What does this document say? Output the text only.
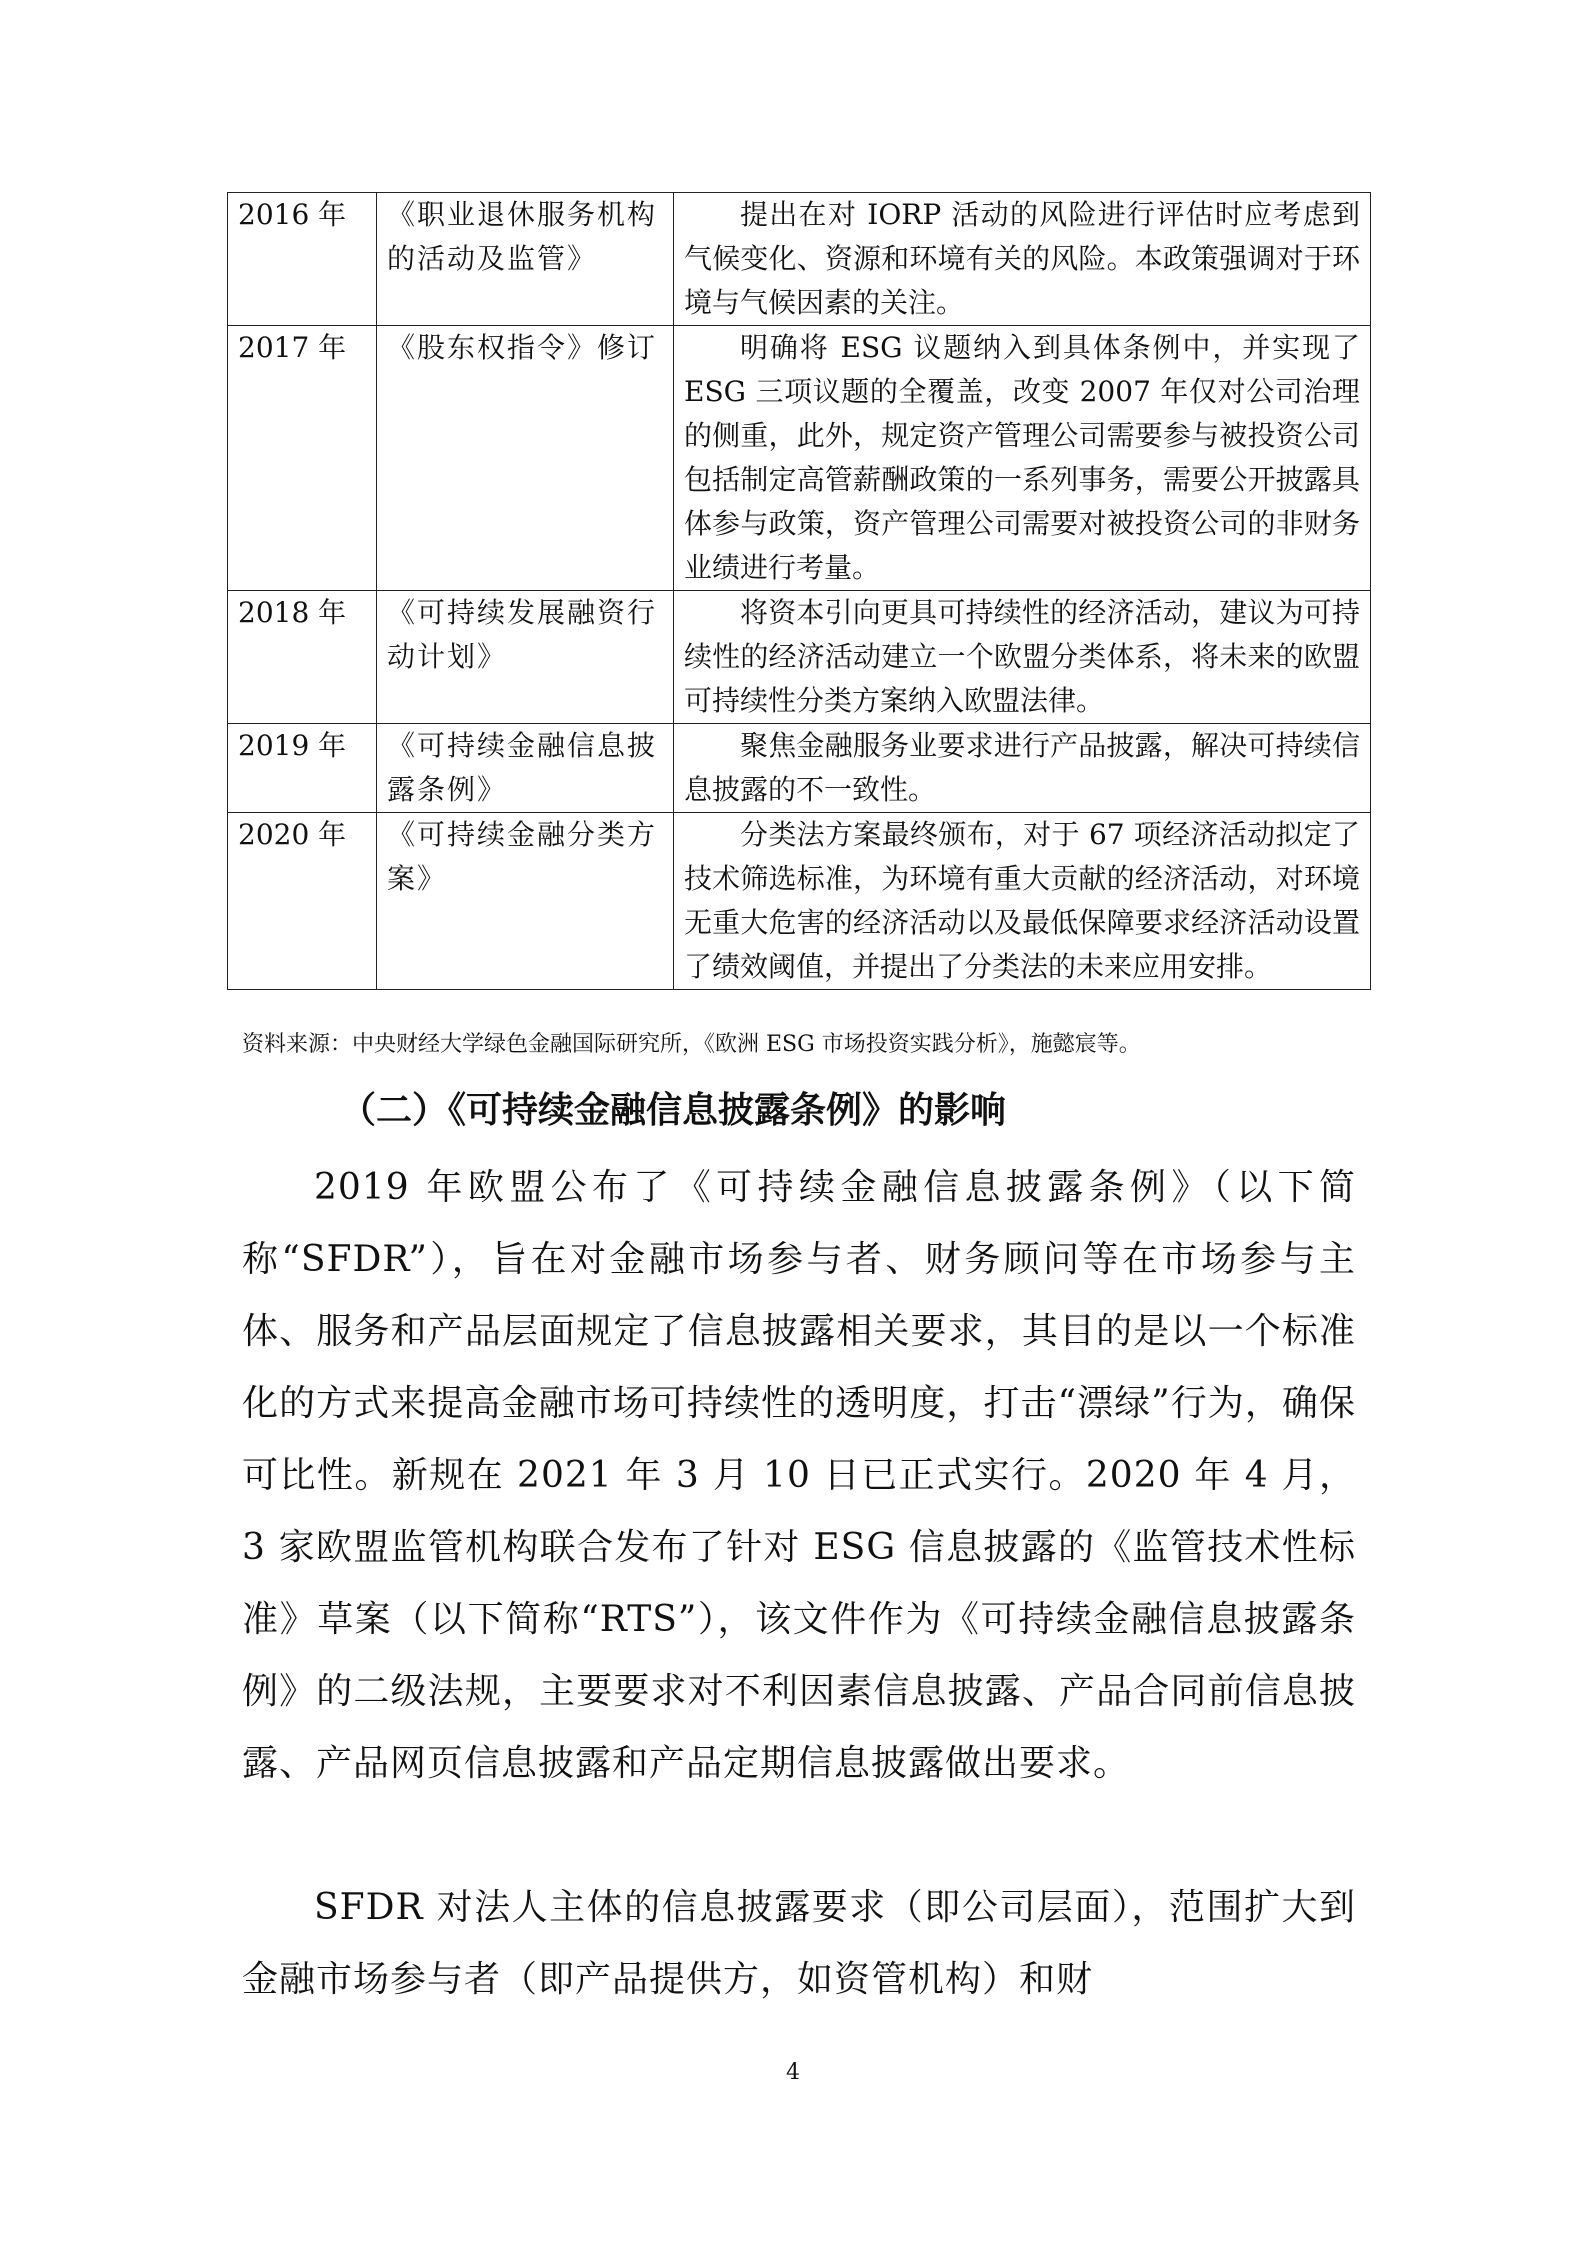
2016 年	《职业退休服务机构的活动及监管》	提出在对 IORP 活动的风险进行评估时应考虑到气候变化、资源和环境有关的风险。本政策强调对于环境与气候因素的关注。
2017 年	《股东权指令》修订	明确将 ESG 议题纳入到具体条例中，并实现了 ESG 三项议题的全覆盖，改变 2007 年仅对公司治理的侧重，此外，规定资产管理公司需要参与被投资公司包括制定高管薪酬政策的一系列事务，需要公开披露具体参与政策，资产管理公司需要对被投资公司的非财务业绩进行考量。
2018 年	《可持续发展融资行动计划》	将资本引向更具可持续性的经济活动，建议为可持续性的经济活动建立一个欧盟分类体系，将未来的欧盟可持续性分类方案纳入欧盟法律。
2019 年	《可持续金融信息披露条例》	聚焦金融服务业要求进行产品披露，解决可持续信息披露的不一致性。
2020 年	《可持续金融分类方案》	分类法方案最终颁布，对于 67 项经济活动拟定了技术筛选标准，为环境有重大贡献的经济活动，对环境无重大危害的经济活动以及最低保障要求经济活动设置了绩效阈值，并提出了分类法的未来应用安排。
资料来源：中央财经大学绿色金融国际研究所，《欧洲 ESG 市场投资实践分析》，施懿宸等。
（二）《可持续金融信息披露条例》的影响

2019 年欧盟公布了《可持续金融信息披露条例》（以下简称“SFDR”），旨在对金融市场参与者、财务顾问等在市场参与主体、服务和产品层面规定了信息披露相关要求，其目的是以一个标准化的方式来提高金融市场可持续性的透明度，打击“漂绿”行为，确保可比性。新规在 2021 年 3 月 10 日已正式实行。2020 年 4 月，3 家欧盟监管机构联合发布了针对 ESG 信息披露的《监管技术性标准》草案（以下简称“RTS”），该文件作为《可持续金融信息披露条例》的二级法规，主要要求对不利因素信息披露、产品合同前信息披露、产品网页信息披露和产品定期信息披露做出要求。

SFDR 对法人主体的信息披露要求（即公司层面），范围扩大到金融市场参与者（即产品提供方，如资管机构）和财

4
